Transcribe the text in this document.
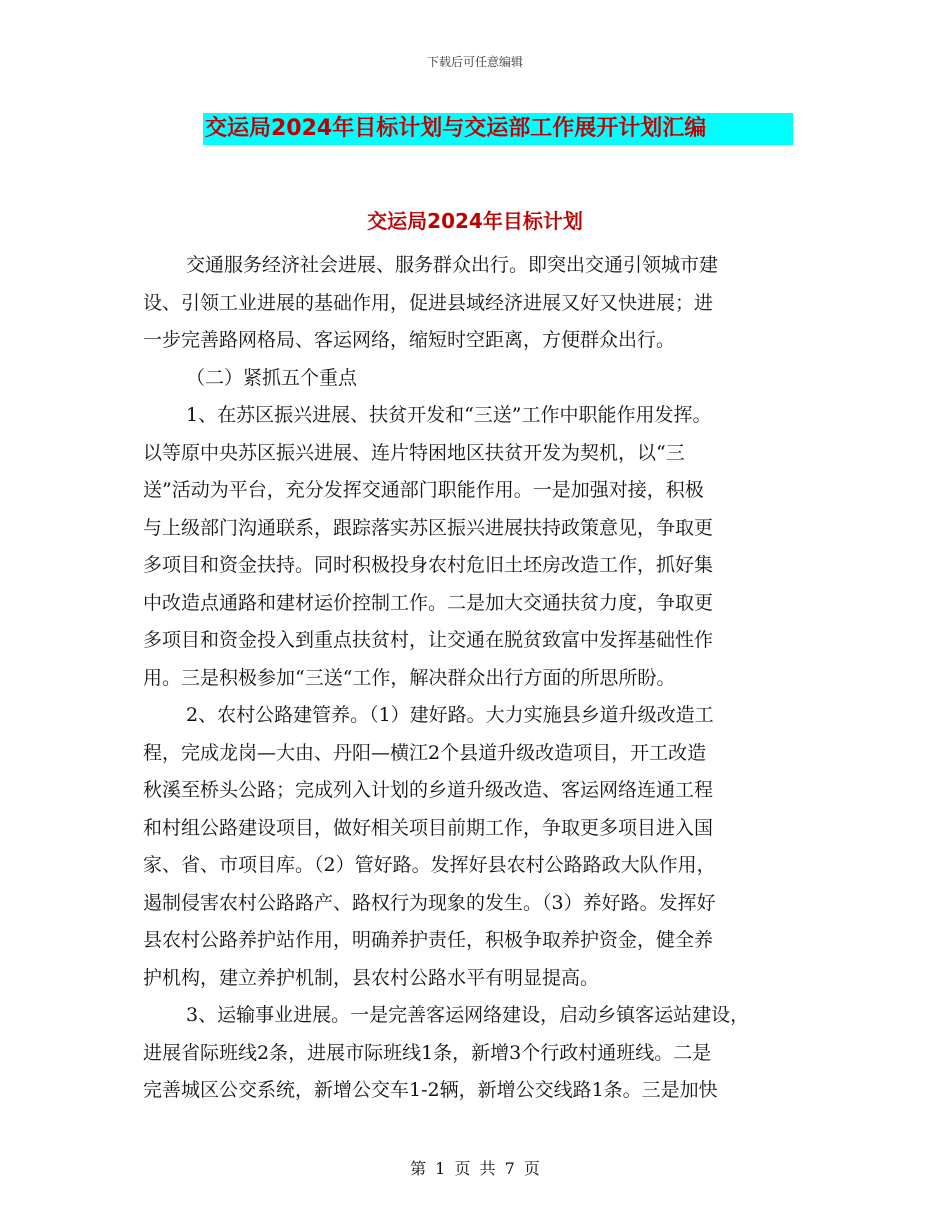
下载后可任意编辑
交运局2024年目标计划与交运部工作展开计划汇编
交运局2024年目标计划
交通服务经济社会进展、服务群众出行。即突出交通引领城市建
设、引领工业进展的基础作用，促进县域经济进展又好又快进展；进
一步完善路网格局、客运网络，缩短时空距离，方便群众出行。
（二）紧抓五个重点
1、在苏区振兴进展、扶贫开发和“三送”工作中职能作用发挥。
以等原中央苏区振兴进展、连片特困地区扶贫开发为契机，以“三
送”活动为平台，充分发挥交通部门职能作用。一是加强对接，积极
与上级部门沟通联系，跟踪落实苏区振兴进展扶持政策意见，争取更
多项目和资金扶持。同时积极投身农村危旧土坯房改造工作，抓好集
中改造点通路和建材运价控制工作。二是加大交通扶贫力度，争取更
多项目和资金投入到重点扶贫村，让交通在脱贫致富中发挥基础性作
用。三是积极参加“三送“工作，解决群众出行方面的所思所盼。
2、农村公路建管养。（1）建好路。大力实施县乡道升级改造工
程，完成龙岗—大由、丹阳—横江2个县道升级改造项目，开工改造
秋溪至桥头公路；完成列入计划的乡道升级改造、客运网络连通工程
和村组公路建设项目，做好相关项目前期工作，争取更多项目进入国
家、省、市项目库。（2）管好路。发挥好县农村公路路政大队作用，
遏制侵害农村公路路产、路权行为现象的发生。（3）养好路。发挥好
县农村公路养护站作用，明确养护责任，积极争取养护资金，健全养
护机构，建立养护机制，县农村公路水平有明显提高。
3、运输事业进展。一是完善客运网络建设，启动乡镇客运站建设，
进展省际班线2条，进展市际班线1条，新增3个行政村通班线。二是
完善城区公交系统，新增公交车1-2辆，新增公交线路1条。三是加快
第 1 页 共 7 页
